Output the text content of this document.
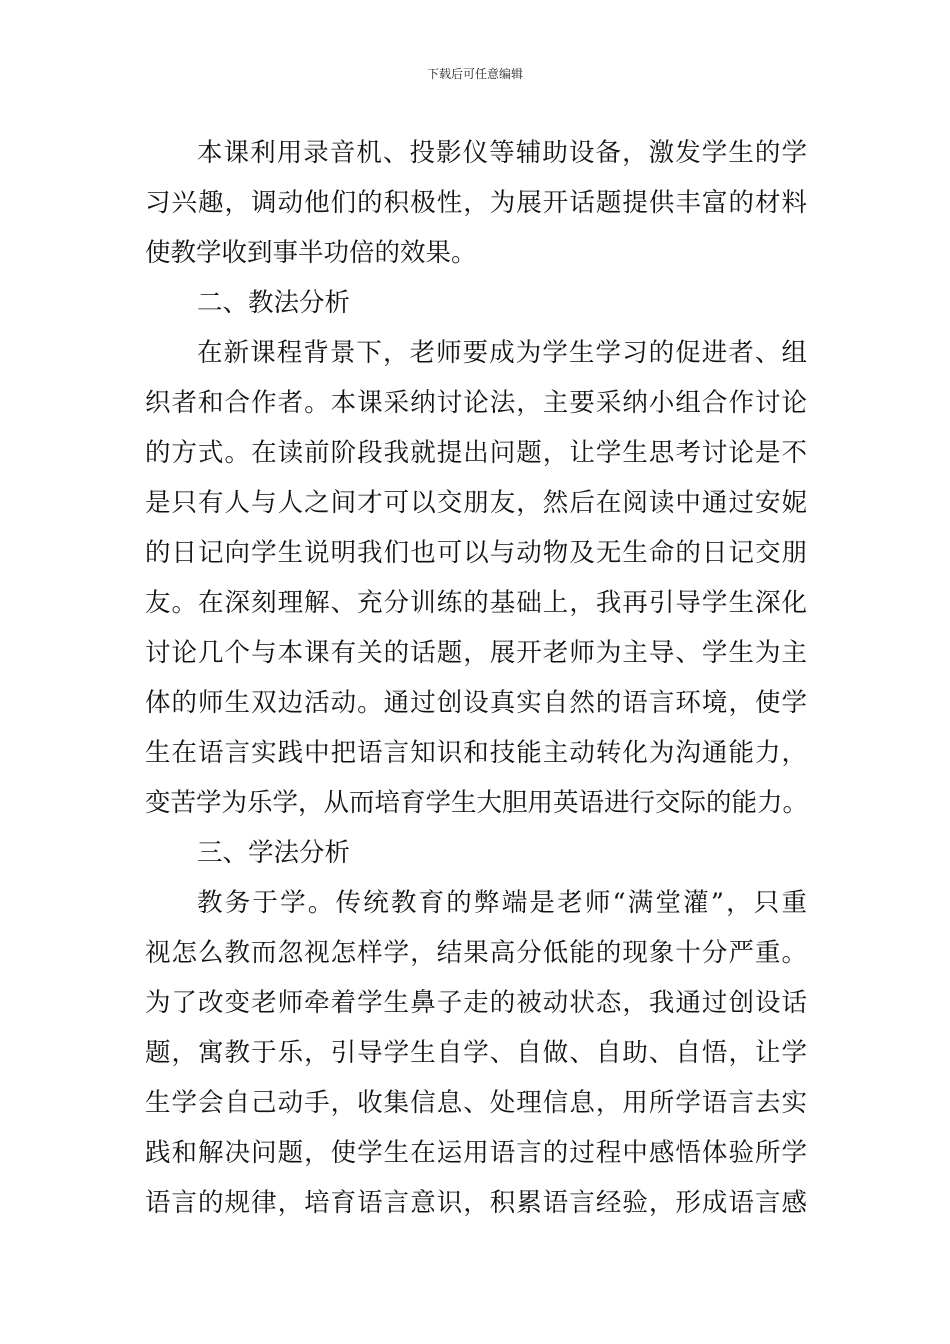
下载后可任意编辑
本课利用录音机、投影仪等辅助设备，激发学生的学
习兴趣，调动他们的积极性，为展开话题提供丰富的材料
使教学收到事半功倍的效果。
二、教法分析
在新课程背景下，老师要成为学生学习的促进者、组
织者和合作者。本课采纳讨论法，主要采纳小组合作讨论
的方式。在读前阶段我就提出问题，让学生思考讨论是不
是只有人与人之间才可以交朋友，然后在阅读中通过安妮
的日记向学生说明我们也可以与动物及无生命的日记交朋
友。在深刻理解、充分训练的基础上，我再引导学生深化
讨论几个与本课有关的话题，展开老师为主导、学生为主
体的师生双边活动。通过创设真实自然的语言环境，使学
生在语言实践中把语言知识和技能主动转化为沟通能力，
变苦学为乐学，从而培育学生大胆用英语进行交际的能力。
三、学法分析
教务于学。传统教育的弊端是老师“满堂灌”，只重
视怎么教而忽视怎样学，结果高分低能的现象十分严重。
为了改变老师牵着学生鼻子走的被动状态，我通过创设话
题，寓教于乐，引导学生自学、自做、自助、自悟，让学
生学会自己动手，收集信息、处理信息，用所学语言去实
践和解决问题，使学生在运用语言的过程中感悟体验所学
语言的规律，培育语言意识，积累语言经验，形成语言感
